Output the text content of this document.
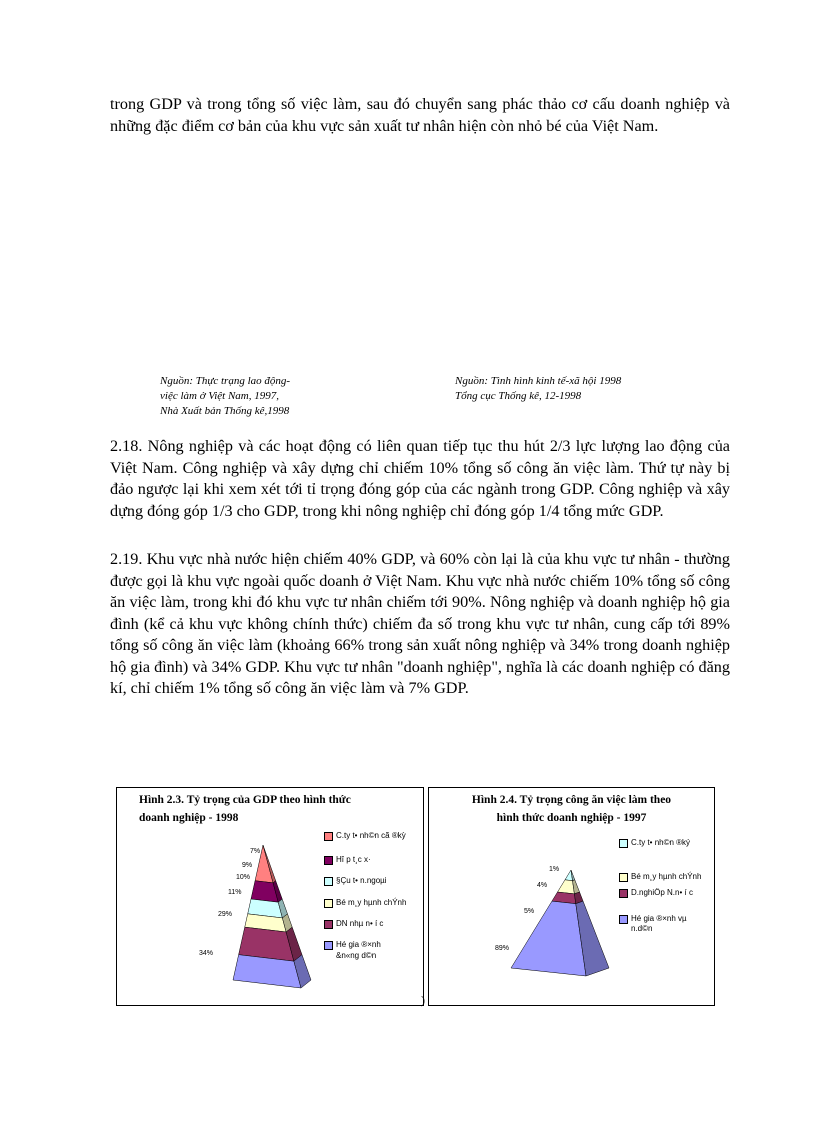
trong GDP và trong tổng số việc làm, sau đó chuyển sang phác thảo cơ cấu doanh nghiệp và những đặc điểm cơ bản của khu vực sản xuất tư nhân hiện còn nhỏ bé của Việt Nam.
Nguồn: Thực trạng lao động-
việc làm ở Việt Nam, 1997,
Nhà Xuất bản Thống kê,1998
Nguồn: Tình hình kinh tế-xã hội 1998
Tổng cục Thống kê, 12-1998
2.18. Nông nghiệp và các hoạt động có liên quan tiếp tục thu hút 2/3 lực lượng lao động của Việt Nam. Công nghiệp và xây dựng chỉ chiếm 10% tổng số công ăn việc làm. Thứ tự này bị đảo ngược lại khi xem xét tới tỉ trọng đóng góp của các ngành trong GDP. Công nghiệp và xây dựng đóng góp 1/3 cho GDP, trong khi nông nghiệp chỉ đóng góp 1/4 tổng mức GDP.
2.19. Khu vực nhà nước hiện chiếm 40% GDP, và 60% còn lại là của khu vực tư nhân - thường được gọi là khu vực ngoài quốc doanh ở Việt Nam. Khu vực nhà nước chiếm 10% tổng số công ăn việc làm, trong khi đó khu vực tư nhân chiếm tới 90%. Nông nghiệp và doanh nghiệp hộ gia đình (kể cả khu vực không chính thức) chiếm đa số trong khu vực tư nhân, cung cấp tới 89% tổng số công ăn việc làm (khoảng 66% trong sản xuất nông nghiệp và 34% trong doanh nghiệp hộ gia đình) và 34% GDP. Khu vực tư nhân "doanh nghiệp", nghĩa là các doanh nghiệp có đăng kí, chỉ chiếm 1% tổng số công ăn việc làm và 7% GDP.
Hình 2.3. Tỷ trọng của GDP theo hình thức
doanh nghiệp - 1998
C.ty t• nh©n cã ®kỳ
Hî p t¸c x·
§Çu t• n.ngoµi
Bé m¸y hµnh chÝnh
DN nhµ n• í c
Hé gia ®×nh
&n«ng d©n
7%
9%
10%
11%
29%
34%
)
Hình 2.4. Tỷ trọng công ăn việc làm theo
hình thức doanh nghiệp - 1997
C.ty t• nh©n ®ký
Bé m¸y hµnh chÝnh
D.nghiÖp N.n• í c
Hé gia ®×nh vµ
n.d©n
1%
4%
5%
89%
